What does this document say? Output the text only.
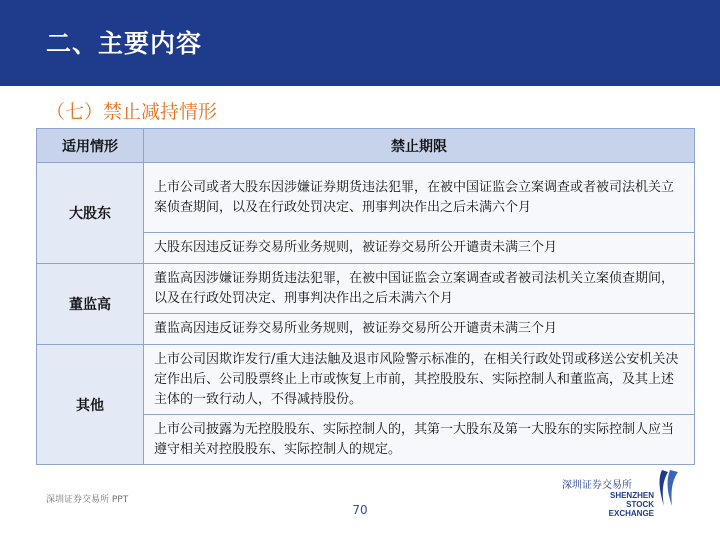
二、主要内容
（七）禁止减持情形
适用情形	禁止期限
大股东	上市公司或者大股东因涉嫌证券期货违法犯罪，在被中国证监会立案调查或者被司法机关立案侦查期间，以及在行政处罚决定、刑事判决作出之后未满六个月
	大股东因违反证券交易所业务规则，被证券交易所公开谴责未满三个月
董监高	董监高因涉嫌证券期货违法犯罪，在被中国证监会立案调查或者被司法机关立案侦查期间，以及在行政处罚决定、刑事判决作出之后未满六个月
	董监高因违反证券交易所业务规则，被证券交易所公开谴责未满三个月
其他	上市公司因欺诈发行/重大违法触及退市风险警示标准的，在相关行政处罚或移送公安机关决定作出后、公司股票终止上市或恢复上市前，其控股股东、实际控制人和董监高，及其上述主体的一致行动人，不得减持股份。
	上市公司披露为无控股股东、实际控制人的，其第一大股东及第一大股东的实际控制人应当遵守相关对控股股东、实际控制人的规定。
深圳证券交易所 PPT
70
深圳证券交易所
SHENZHEN
STOCK EXCHANGE
